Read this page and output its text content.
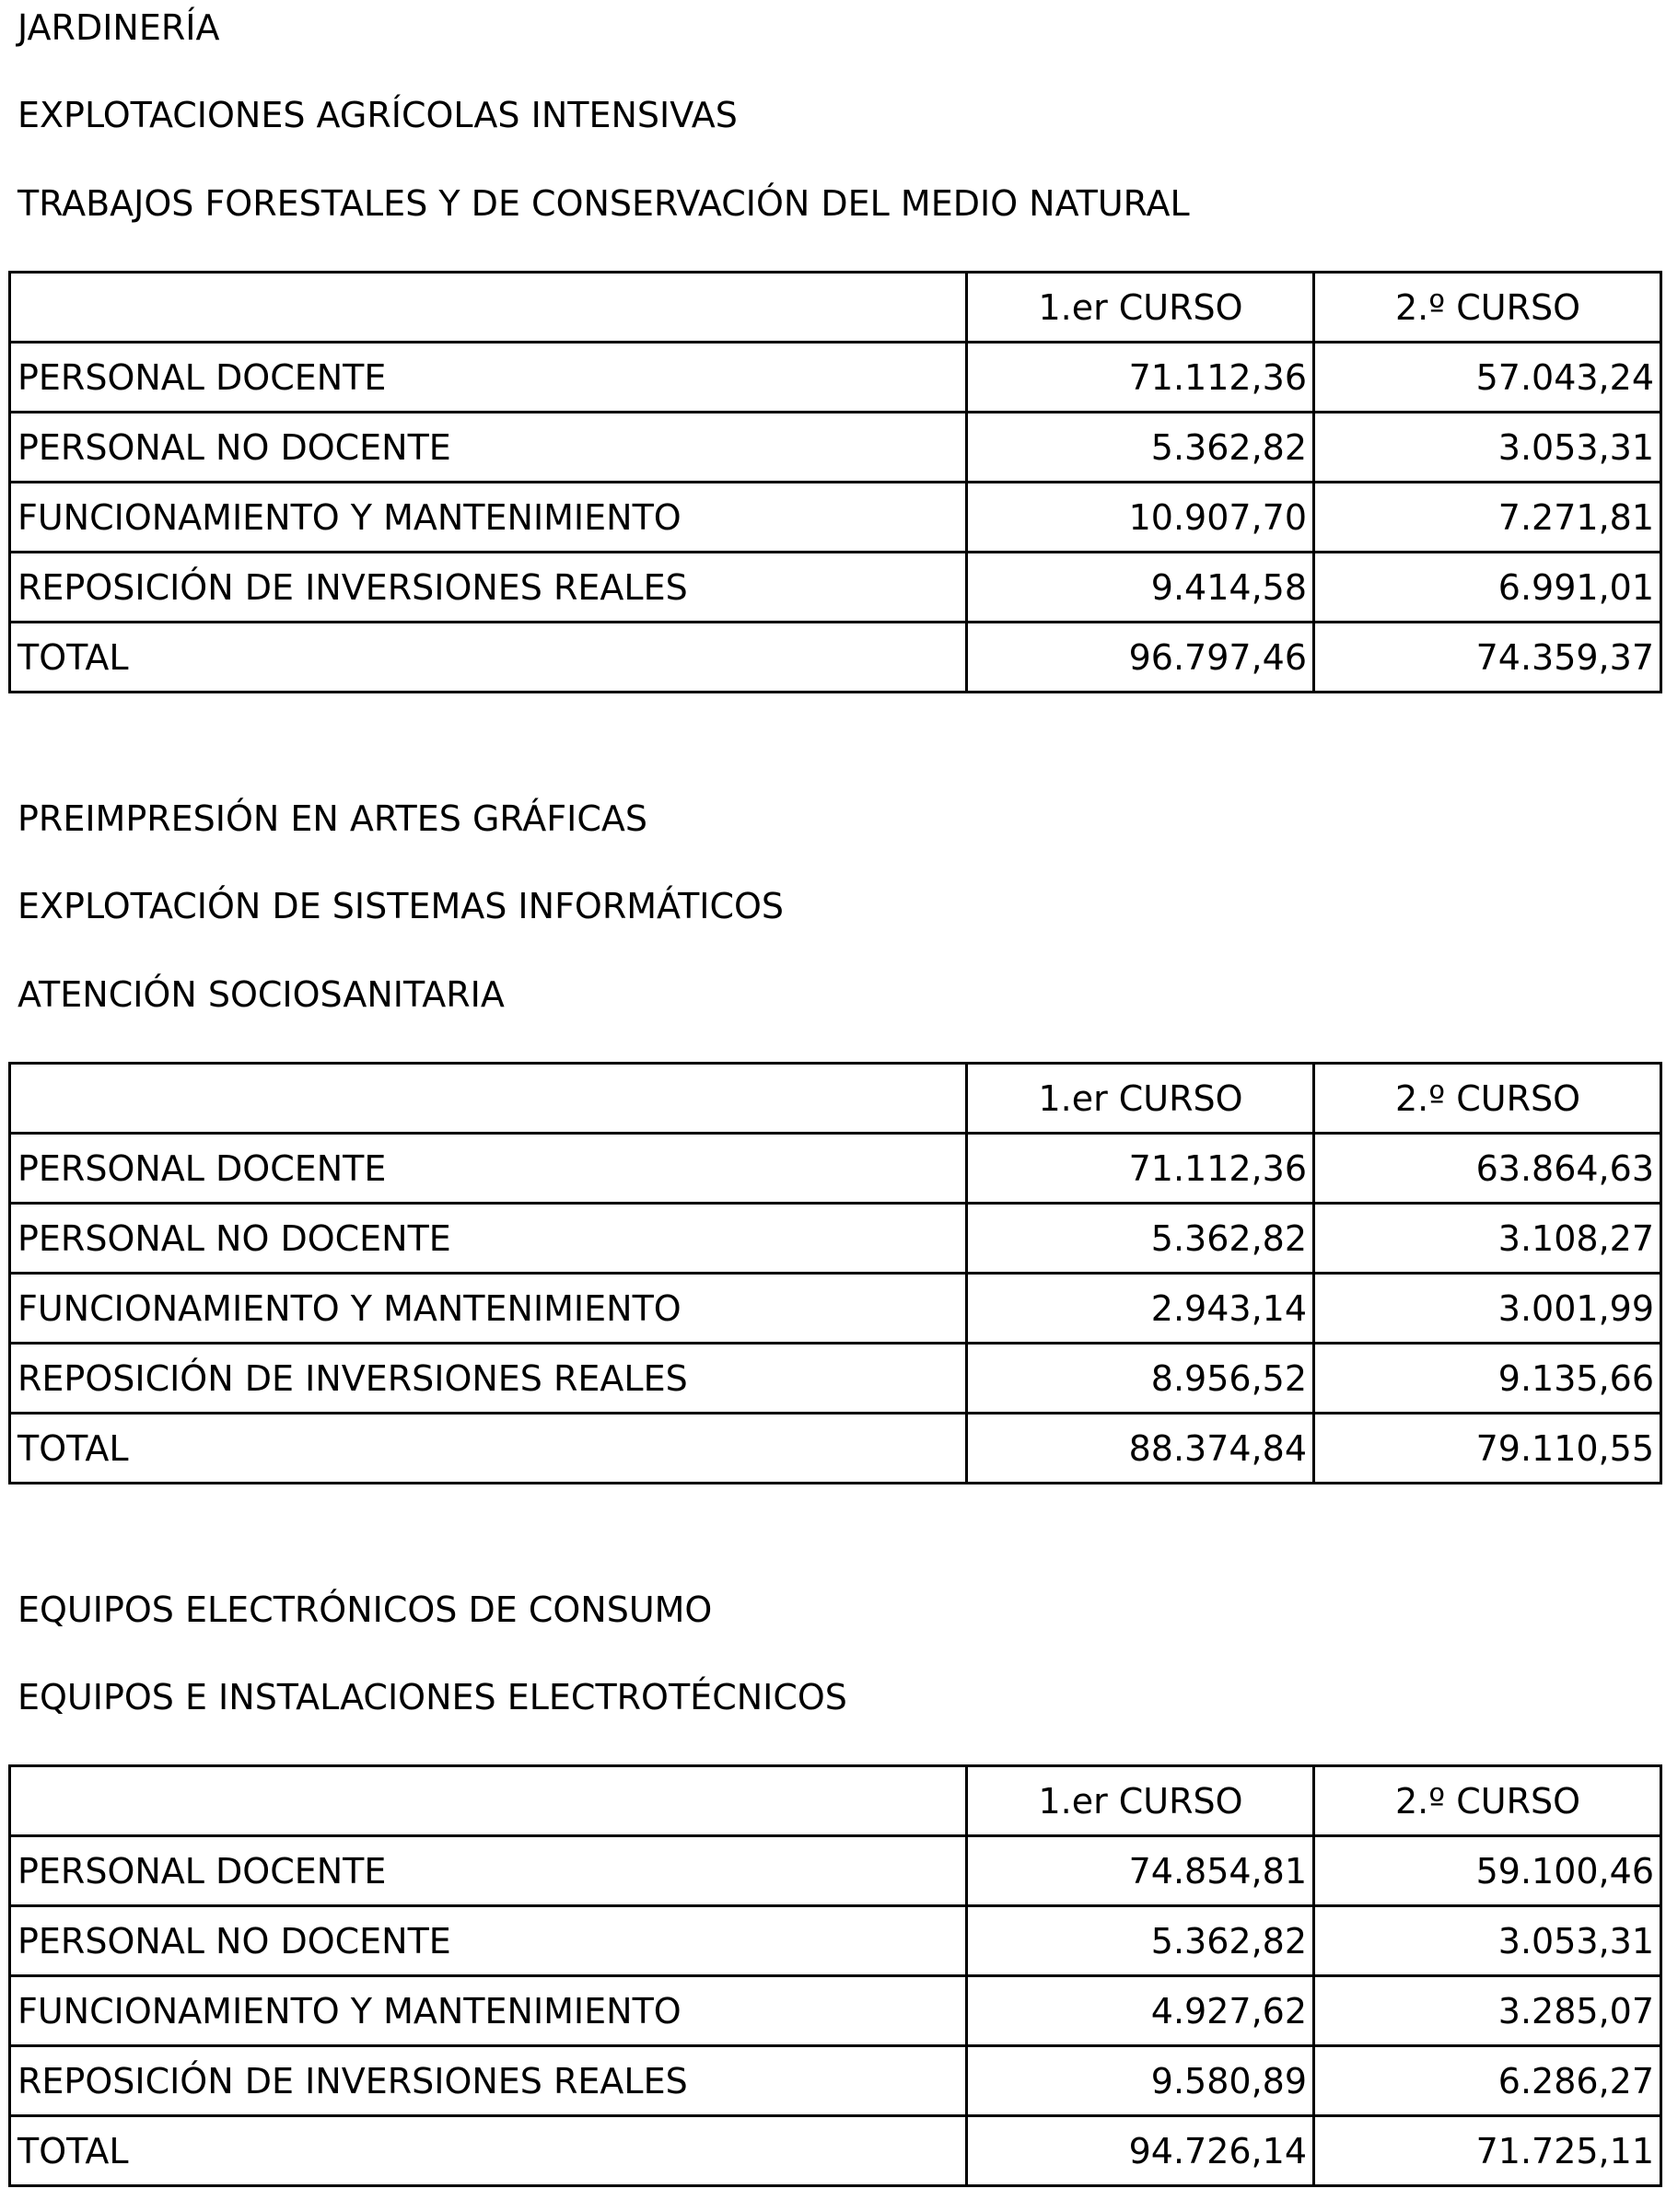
JARDINERÍA
EXPLOTACIONES AGRÍCOLAS INTENSIVAS
TRABAJOS FORESTALES Y DE CONSERVACIÓN DEL MEDIO NATURAL
	1.er CURSO	2.º CURSO
PERSONAL DOCENTE	71.112,36	57.043,24
PERSONAL NO DOCENTE	5.362,82	3.053,31
FUNCIONAMIENTO Y MANTENIMIENTO	10.907,70	7.271,81
REPOSICIÓN DE INVERSIONES REALES	9.414,58	6.991,01
TOTAL	96.797,46	74.359,37
PREIMPRESIÓN EN ARTES GRÁFICAS
EXPLOTACIÓN DE SISTEMAS INFORMÁTICOS
ATENCIÓN SOCIOSANITARIA
	1.er CURSO	2.º CURSO
PERSONAL DOCENTE	71.112,36	63.864,63
PERSONAL NO DOCENTE	5.362,82	3.108,27
FUNCIONAMIENTO Y MANTENIMIENTO	2.943,14	3.001,99
REPOSICIÓN DE INVERSIONES REALES	8.956,52	9.135,66
TOTAL	88.374,84	79.110,55
EQUIPOS ELECTRÓNICOS DE CONSUMO
EQUIPOS E INSTALACIONES ELECTROTÉCNICOS
	1.er CURSO	2.º CURSO
PERSONAL DOCENTE	74.854,81	59.100,46
PERSONAL NO DOCENTE	5.362,82	3.053,31
FUNCIONAMIENTO Y MANTENIMIENTO	4.927,62	3.285,07
REPOSICIÓN DE INVERSIONES REALES	9.580,89	6.286,27
TOTAL	94.726,14	71.725,11
